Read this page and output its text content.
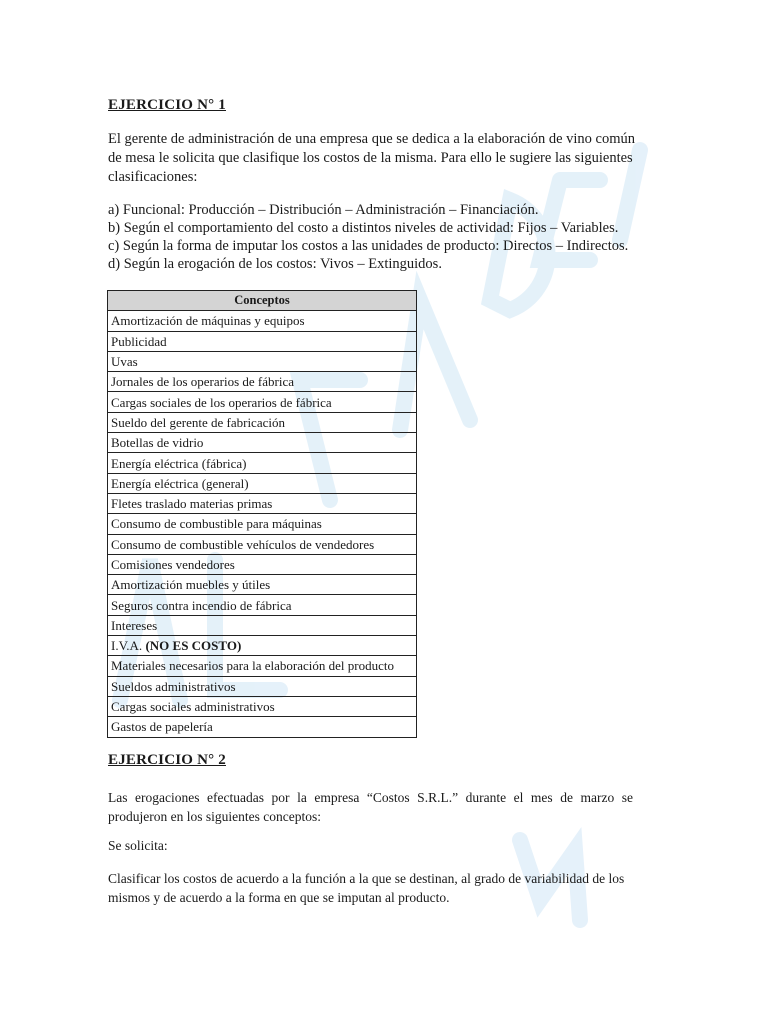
EJERCICIO N° 1

El gerente de administración de una empresa que se dedica a la elaboración de vino común de mesa le solicita que clasifique los costos de la misma. Para ello le sugiere las siguientes clasificaciones:

a) Funcional: Producción – Distribución – Administración – Financiación.
b) Según el comportamiento del costo a distintos niveles de actividad: Fijos – Variables.
c) Según la forma de imputar los costos a las unidades de producto: Directos – Indirectos.
d) Según la erogación de los costos: Vivos – Extinguidos.
Conceptos
Amortización de máquinas y equipos
Publicidad
Uvas
Jornales de los operarios de fábrica
Cargas sociales de los operarios de fábrica
Sueldo del gerente de fabricación
Botellas de vidrio
Energía eléctrica (fábrica)
Energía eléctrica (general)
Fletes traslado materias primas
Consumo de combustible para máquinas
Consumo de combustible vehículos de vendedores
Comisiones vendedores
Amortización muebles y útiles
Seguros contra incendio de fábrica
Intereses
I.V.A. (NO ES COSTO)
Materiales necesarios para la elaboración del producto
Sueldos administrativos
Cargas sociales administrativos
Gastos de papelería
EJERCICIO N° 2

Las erogaciones efectuadas por la empresa “Costos S.R.L.” durante el mes de marzo se produjeron en los siguientes conceptos:

Se solicita:

Clasificar los costos de acuerdo a la función a la que se destinan, al grado de variabilidad de los mismos y de acuerdo a la forma en que se imputan al producto.
